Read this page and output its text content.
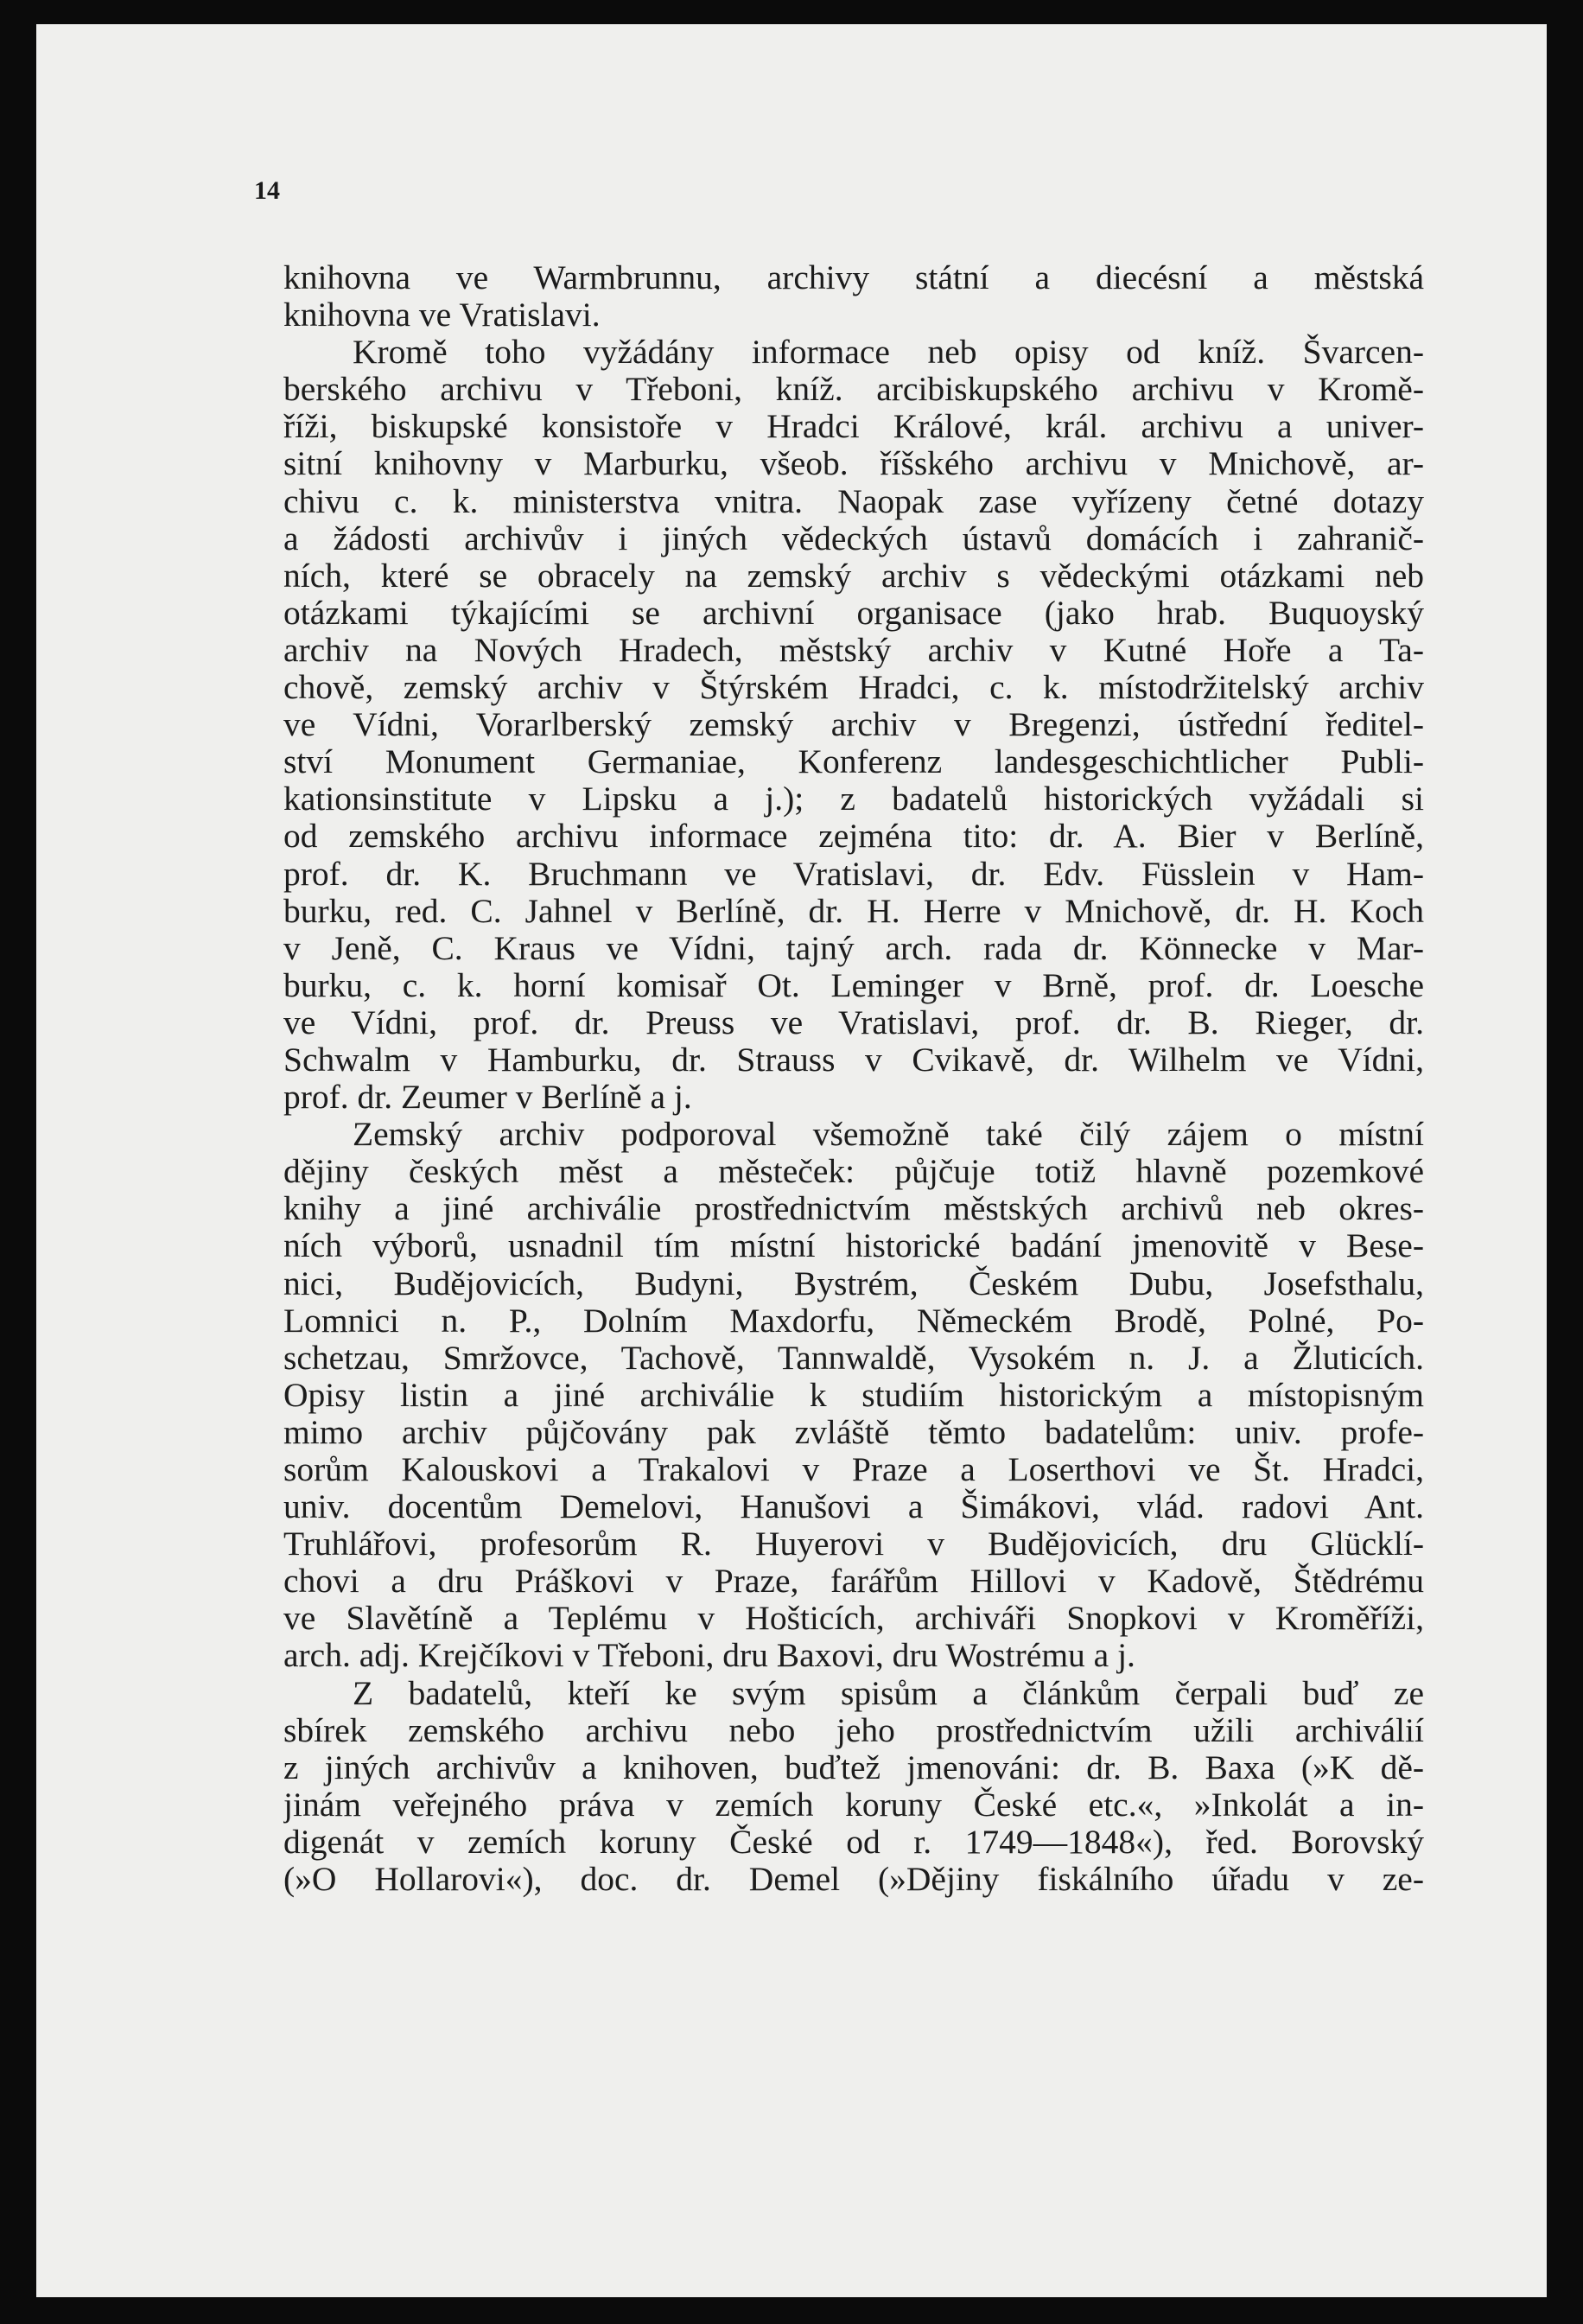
14
knihovna ve Warmbrunnu, archivy státní a diecésní a městská
knihovna ve Vratislavi.
Kromě toho vyžádány informace neb opisy od kníž. Švarcen-
berského archivu v Třeboni, kníž. arcibiskupského archivu v Kromě-
říži, biskupské konsistoře v Hradci Králové, král. archivu a univer-
sitní knihovny v Marburku, všeob. říšského archivu v Mnichově, ar-
chivu c. k. ministerstva vnitra. Naopak zase vyřízeny četné dotazy
a žádosti archivův i jiných vědeckých ústavů domácích i zahranič-
ních, které se obracely na zemský archiv s vědeckými otázkami neb
otázkami týkajícími se archivní organisace (jako hrab. Buquoyský
archiv na Nových Hradech, městský archiv v Kutné Hoře a Ta-
chově, zemský archiv v Štýrském Hradci, c. k. místodržitelský archiv
ve Vídni, Vorarlberský zemský archiv v Bregenzi, ústřední ředitel-
ství Monument Germaniae, Konferenz landesgeschichtlicher Publi-
kationsinstitute v Lipsku a j.); z badatelů historických vyžádali si
od zemského archivu informace zejména tito: dr. A. Bier v Berlíně,
prof. dr. K. Bruchmann ve Vratislavi, dr. Edv. Füsslein v Ham-
burku, red. C. Jahnel v Berlíně, dr. H. Herre v Mnichově, dr. H. Koch
v Jeně, C. Kraus ve Vídni, tajný arch. rada dr. Könnecke v Mar-
burku, c. k. horní komisař Ot. Leminger v Brně, prof. dr. Loesche
ve Vídni, prof. dr. Preuss ve Vratislavi, prof. dr. B. Rieger, dr.
Schwalm v Hamburku, dr. Strauss v Cvikavě, dr. Wilhelm ve Vídni,
prof. dr. Zeumer v Berlíně a j.
Zemský archiv podporoval všemožně také čilý zájem o místní
dějiny českých měst a městeček: půjčuje totiž hlavně pozemkové
knihy a jiné archiválie prostřednictvím městských archivů neb okres-
ních výborů, usnadnil tím místní historické badání jmenovitě v Bese-
nici, Budějovicích, Budyni, Bystrém, Českém Dubu, Josefsthalu,
Lomnici n. P., Dolním Maxdorfu, Německém Brodě, Polné, Po-
schetzau, Smržovce, Tachově, Tannwaldě, Vysokém n. J. a Žluticích.
Opisy listin a jiné archiválie k studiím historickým a místopisným
mimo archiv půjčovány pak zvláště těmto badatelům: univ. profe-
sorům Kalouskovi a Trakalovi v Praze a Loserthovi ve Št. Hradci,
univ. docentům Demelovi, Hanušovi a Šimákovi, vlád. radovi Ant.
Truhlářovi, profesorům R. Huyerovi v Budějovicích, dru Glücklí-
chovi a dru Práškovi v Praze, farářům Hillovi v Kadově, Štědrému
ve Slavětíně a Teplému v Hošticích, archiváři Snopkovi v Kroměříži,
arch. adj. Krejčíkovi v Třeboni, dru Baxovi, dru Wostrému a j.
Z badatelů, kteří ke svým spisům a článkům čerpali buď ze
sbírek zemského archivu nebo jeho prostřednictvím užili archiválií
z jiných archivův a knihoven, buďtež jmenováni: dr. B. Baxa (»K dě-
jinám veřejného práva v zemích koruny České etc.«, »Inkolát a in-
digenát v zemích koruny České od r. 1749—1848«), řed. Borovský
(»O Hollarovi«), doc. dr. Demel (»Dějiny fiskálního úřadu v ze-
